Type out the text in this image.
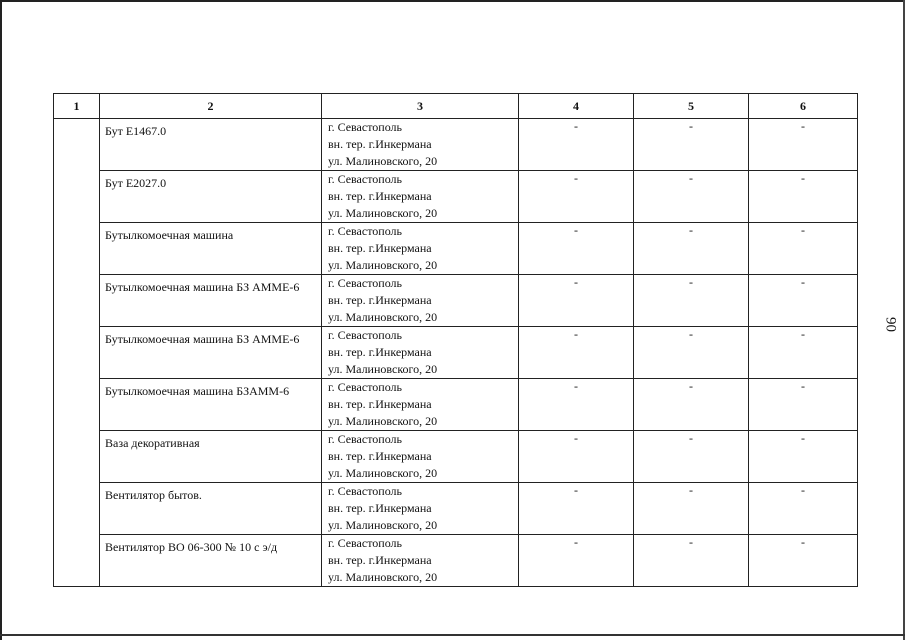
90
1	2	3	4	5	6

	Бут Е1467.0	г. Севастополь
вн. тер. г.Инкермана
ул. Малиновского, 20	-	-	-

	Бут Е2027.0	г. Севастополь
вн. тер. г.Инкермана
ул. Малиновского, 20	-	-	-

	Бутылкомоечная машина	г. Севастополь
вн. тер. г.Инкермана
ул. Малиновского, 20	-	-	-

	Бутылкомоечная машина БЗ АММЕ-6	г. Севастополь
вн. тер. г.Инкермана
ул. Малиновского, 20	-	-	-

	Бутылкомоечная машина БЗ АММЕ-6	г. Севастополь
вн. тер. г.Инкермана
ул. Малиновского, 20	-	-	-

	Бутылкомоечная машина БЗАММ-6	г. Севастополь
вн. тер. г.Инкермана
ул. Малиновского, 20	-	-	-

	Ваза декоративная	г. Севастополь
вн. тер. г.Инкермана
ул. Малиновского, 20	-	-	-

	Вентилятор бытов.	г. Севастополь
вн. тер. г.Инкермана
ул. Малиновского, 20	-	-	-

	Вентилятор ВО 06-300 № 10 с э/д	г. Севастополь
вн. тер. г.Инкермана
ул. Малиновского, 20	-	-	-
